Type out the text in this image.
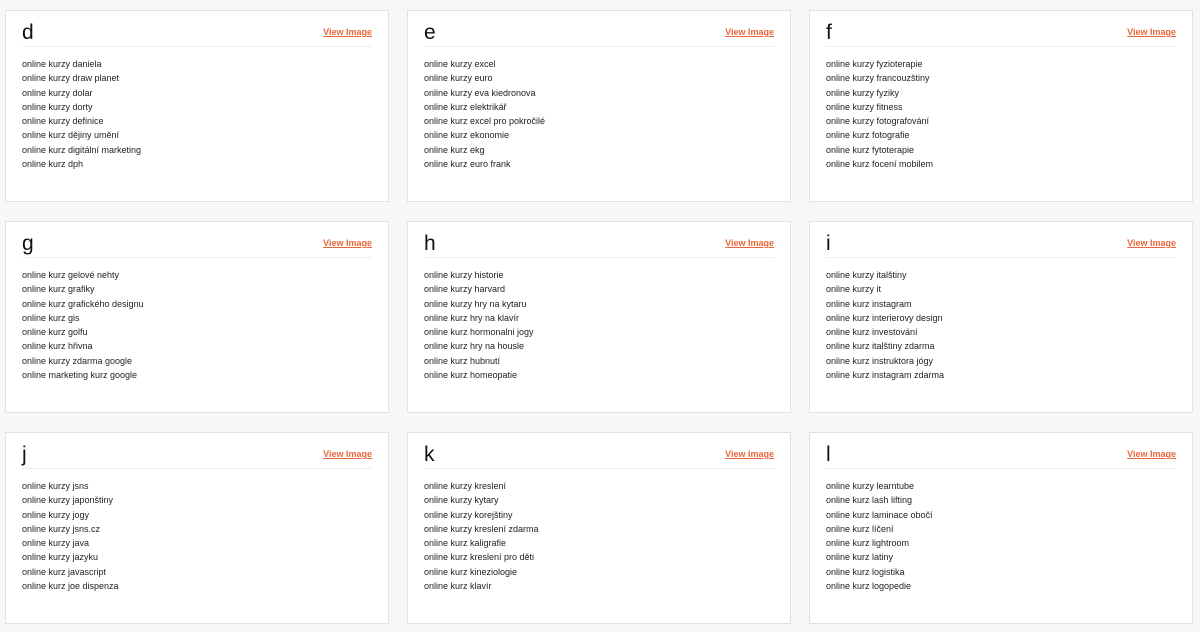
d	View Image
online kurzy daniela
online kurzy draw planet
online kurzy dolar
online kurzy dorty
online kurzy definice
online kurz dějiny umění
online kurz digitální marketing
online kurz dph
e	View Image
online kurzy excel
online kurzy euro
online kurzy eva kiedronova
online kurz elektrikář
online kurz excel pro pokročilé
online kurz ekonomie
online kurz ekg
online kurz euro frank
f	View Image
online kurzy fyzioterapie
online kurzy francouzštiny
online kurzy fyziky
online kurzy fitness
online kurzy fotografování
online kurz fotografie
online kurz fytoterapie
online kurz focení mobilem
g	View Image
online kurz gelové nehty
online kurz grafiky
online kurz grafického designu
online kurz gis
online kurz golfu
online kurz hřivna
online kurzy zdarma google
online marketing kurz google
h	View Image
online kurzy historie
online kurzy harvard
online kurzy hry na kytaru
online kurz hry na klavír
online kurz hormonalni jogy
online kurz hry na housle
online kurz hubnutí
online kurz homeopatie
i	View Image
online kurzy italštiny
online kurzy it
online kurz instagram
online kurz interierovy design
online kurz investování
online kurz italštiny zdarma
online kurz instruktora jógy
online kurz instagram zdarma
j	View Image
online kurzy jsns
online kurzy japonštiny
online kurzy jogy
online kurzy jsns.cz
online kurzy java
online kurzy jazyku
online kurz javascript
online kurz joe dispenza
k	View Image
online kurzy kreslení
online kurzy kytary
online kurzy korejštiny
online kurzy kreslení zdarma
online kurz kaligrafie
online kurz kreslení pro děti
online kurz kineziologie
online kurz klavír
l	View Image
online kurzy learntube
online kurz lash lifting
online kurz laminace obočí
online kurz líčení
online kurz lightroom
online kurz latiny
online kurz logistika
online kurz logopedie
